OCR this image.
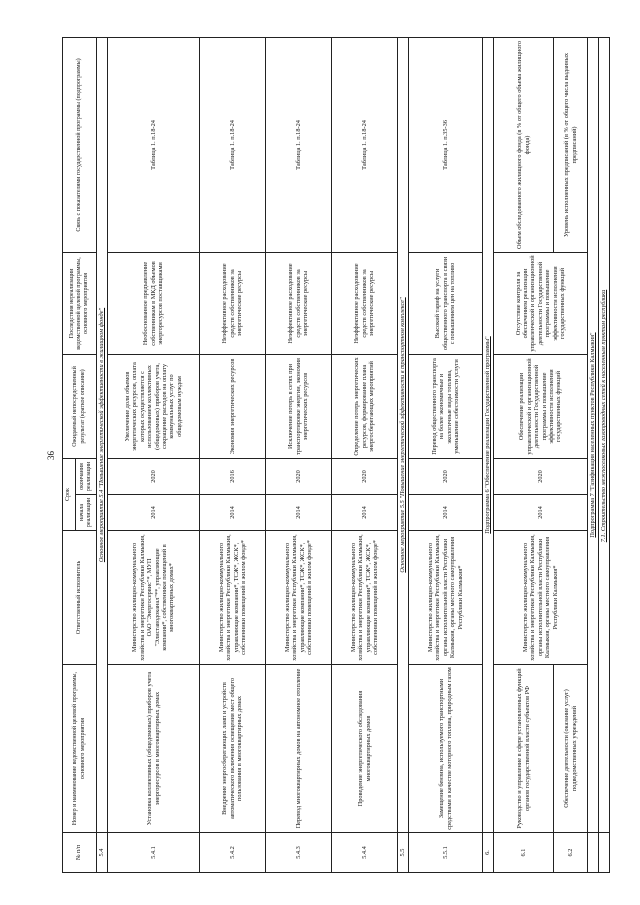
36
№ п/п	Номер и наименование ведомственной целевой программы, основного мероприятия	Ответственный исполнитель	Срок		Ожидаемый непосредственный результат (краткое описание)	Последствия нереализации ведомственной целевой программы, основного мероприятия	Связь с показателями государственной программы (подпрограммы)
			начала реализации	окончания реализации			
5.4	Основное мероприятие 5.4 "Повышение энергетической эффективности в жилищном фонде"						
5.4.1	Установка коллективных (общедомовых) приборов учета энергоресурсов в многоквартирных домах	Министерство жилищно-коммунального хозяйства и энергетики Республики Калмыкия, ОАО "Энергосервис"*, МУП "Элиставодоканал"**, управляющие компании*, собственники помещений в многоквартирных домах*	2014	2020	Увеличение доли объемов энергетических ресурсов, оплата которых осуществляется с использованием коллективных (общедомовых) приборов учета, сокращение расходов на оплату коммунальных услуг по общедомовым нуждам	Необоснованное предъявление собственникам в МКД объемов энергоресурсов поставщиками	Таблица 1. п.18-24
5.4.2	Внедрение энергосберегающих ламп и устройств автоматического включения освещения мест общего пользования в многоквартирных домах	Министерство жилищно-коммунального хозяйства и энергетики Республики Калмыкия, управляющие компании*, ТСЖ*, ЖСК*, собственники помещений в жилом фонде*	2014	2016	Экономия энергетических ресурсов	Неэффективное расходование средств собственников за энергетические ресурсы	Таблица 1. п.18-24
5.4.3	Перевод многоквартирных домов на автономное отопление	Министерство жилищно-коммунального хозяйства и энергетики Республики Калмыкия, управляющие компании*, ТСЖ*, ЖСК*, собственники помещений в жилом фонде*	2014	2020	Исключение потерь в сетях при транспортировке энергии, экономия энергетических ресурсов	Неэффективное расходование средств собственников за энергетические ресурсы	Таблица 1. п.18-24
5.4.4	Проведение энергетического обследования многоквартирных домов	Министерство жилищно-коммунального хозяйства и энергетики Республики Калмыкия, управляющие компании*, ТСЖ*, ЖСК*, собственники помещений в жилом фонде*	2014	2020	Определение потерь энергетических ресурсов, формирование плана энергосберегающих мероприятий	Неэффективное расходование средств собственников за энергетические ресурсы	Таблица 1. п.18-24
5.5	Основное мероприятие 5.5 "Повышение энергетической эффективности в транспортном комплексе"						
5.5.1	Замещение бензина, используемого транспортными средствами в качестве моторного топлива, природным газом	Министерство жилищно-коммунального хозяйства и энергетики Республики Калмыкия, органы исполнительной власти Республики Калмыкия, органы местного самоуправления Республики Калмыкия*	2014	2020	Перевод общественного транспорта на более экономичные и экологичные виды топлива, уменьшение себестоимости услуги	Высокий тариф на услуги общественного транспорта в связи с повышением цен на топливо	Таблица 1. п.35-36
6.	Подпрограмма 6 "Обеспечение реализации Государственной программы"						
6.1	Руководство и управление в сфере установленных функций органов государственной власти субъектов РФ	Министерство жилищно-коммунального хозяйства и энергетики Республики Калмыкия, органы исполнительной власти Республики Калмыкия, органы местного самоуправления Республики Калмыкия*	2014	2020	Обеспечение реализации управленческой и организационной деятельности Государственной программы и повышение эффективности исполнения государственных функций	Отсутствие контроля за обеспечением реализации управленческой и организационной деятельности Государственной программы и повышение эффективности исполнения государственных функций	Объем обследованного жилищного фонда (в % от общего объема жилищного фонда)
6.2	Обеспечение деятельности (оказание услуг) подведомственных учреждений						Уровень исполненных предписаний (в % от общего числа выданных предписаний)
	Подпрограмма 7 "Газификация населенных пунктов Республики Калмыкия"						
	7.1. Строительство межпоселковых газопроводных сетей к населенным пунктам республики						
